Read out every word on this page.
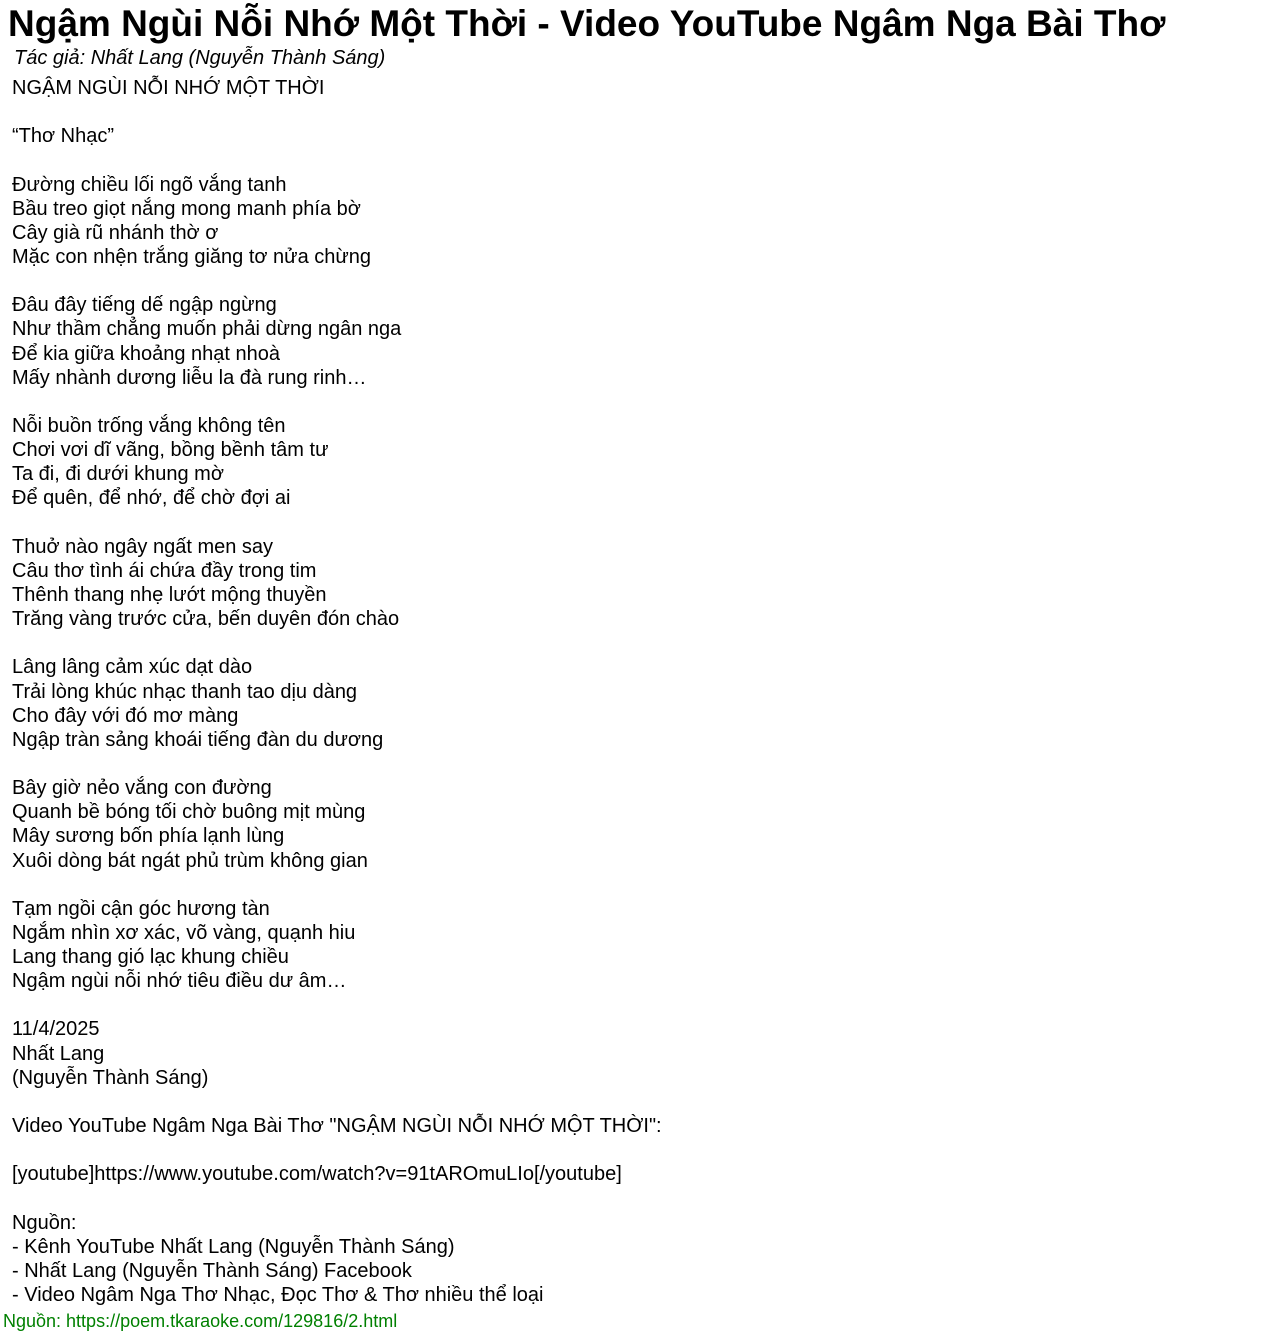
Ngậm Ngùi Nỗi Nhớ Một Thời - Video YouTube Ngâm Nga Bài Thơ
Tác giả: Nhất Lang (Nguyễn Thành Sáng)
NGẬM NGÙI NỖI NHỚ MỘT THỜI
“Thơ Nhạc”
Đường chiều lối ngõ vắng tanh
Bầu treo giọt nắng mong manh phía bờ
Cây già rũ nhánh thờ ơ
Mặc con nhện trắng giăng tơ nửa chừng
Đâu đây tiếng dế ngập ngừng
Như thầm chẳng muốn phải dừng ngân nga
Để kia giữa khoảng nhạt nhoà
Mấy nhành dương liễu la đà rung rinh…
Nỗi buồn trống vắng không tên
Chơi vơi dĩ vãng, bồng bềnh tâm tư
Ta đi, đi dưới khung mờ
Để quên, để nhớ, để chờ đợi ai
Thuở nào ngây ngất men say
Câu thơ tình ái chứa đầy trong tim
Thênh thang nhẹ lướt mộng thuyền
Trăng vàng trước cửa, bến duyên đón chào
Lâng lâng cảm xúc dạt dào
Trải lòng khúc nhạc thanh tao dịu dàng
Cho đây với đó mơ màng
Ngập tràn sảng khoái tiếng đàn du dương
Bây giờ nẻo vắng con đường
Quanh bề bóng tối chờ buông mịt mùng
Mây sương bốn phía lạnh lùng
Xuôi dòng bát ngát phủ trùm không gian
Tạm ngồi cận góc hương tàn
Ngắm nhìn xơ xác, võ vàng, quạnh hiu
Lang thang gió lạc khung chiều
Ngậm ngùi nỗi nhớ tiêu điều dư âm…
11/4/2025
Nhất Lang
(Nguyễn Thành Sáng)
Video YouTube Ngâm Nga Bài Thơ "NGẬM NGÙI NỖI NHỚ MỘT THỜI":
[youtube]https://www.youtube.com/watch?v=91tAROmuLIo[/youtube]
Nguồn:
- Kênh YouTube Nhất Lang (Nguyễn Thành Sáng)
- Nhất Lang (Nguyễn Thành Sáng) Facebook
- Video Ngâm Nga Thơ Nhạc, Đọc Thơ & Thơ nhiều thể loại
Nguồn: https://poem.tkaraoke.com/129816/2.html
